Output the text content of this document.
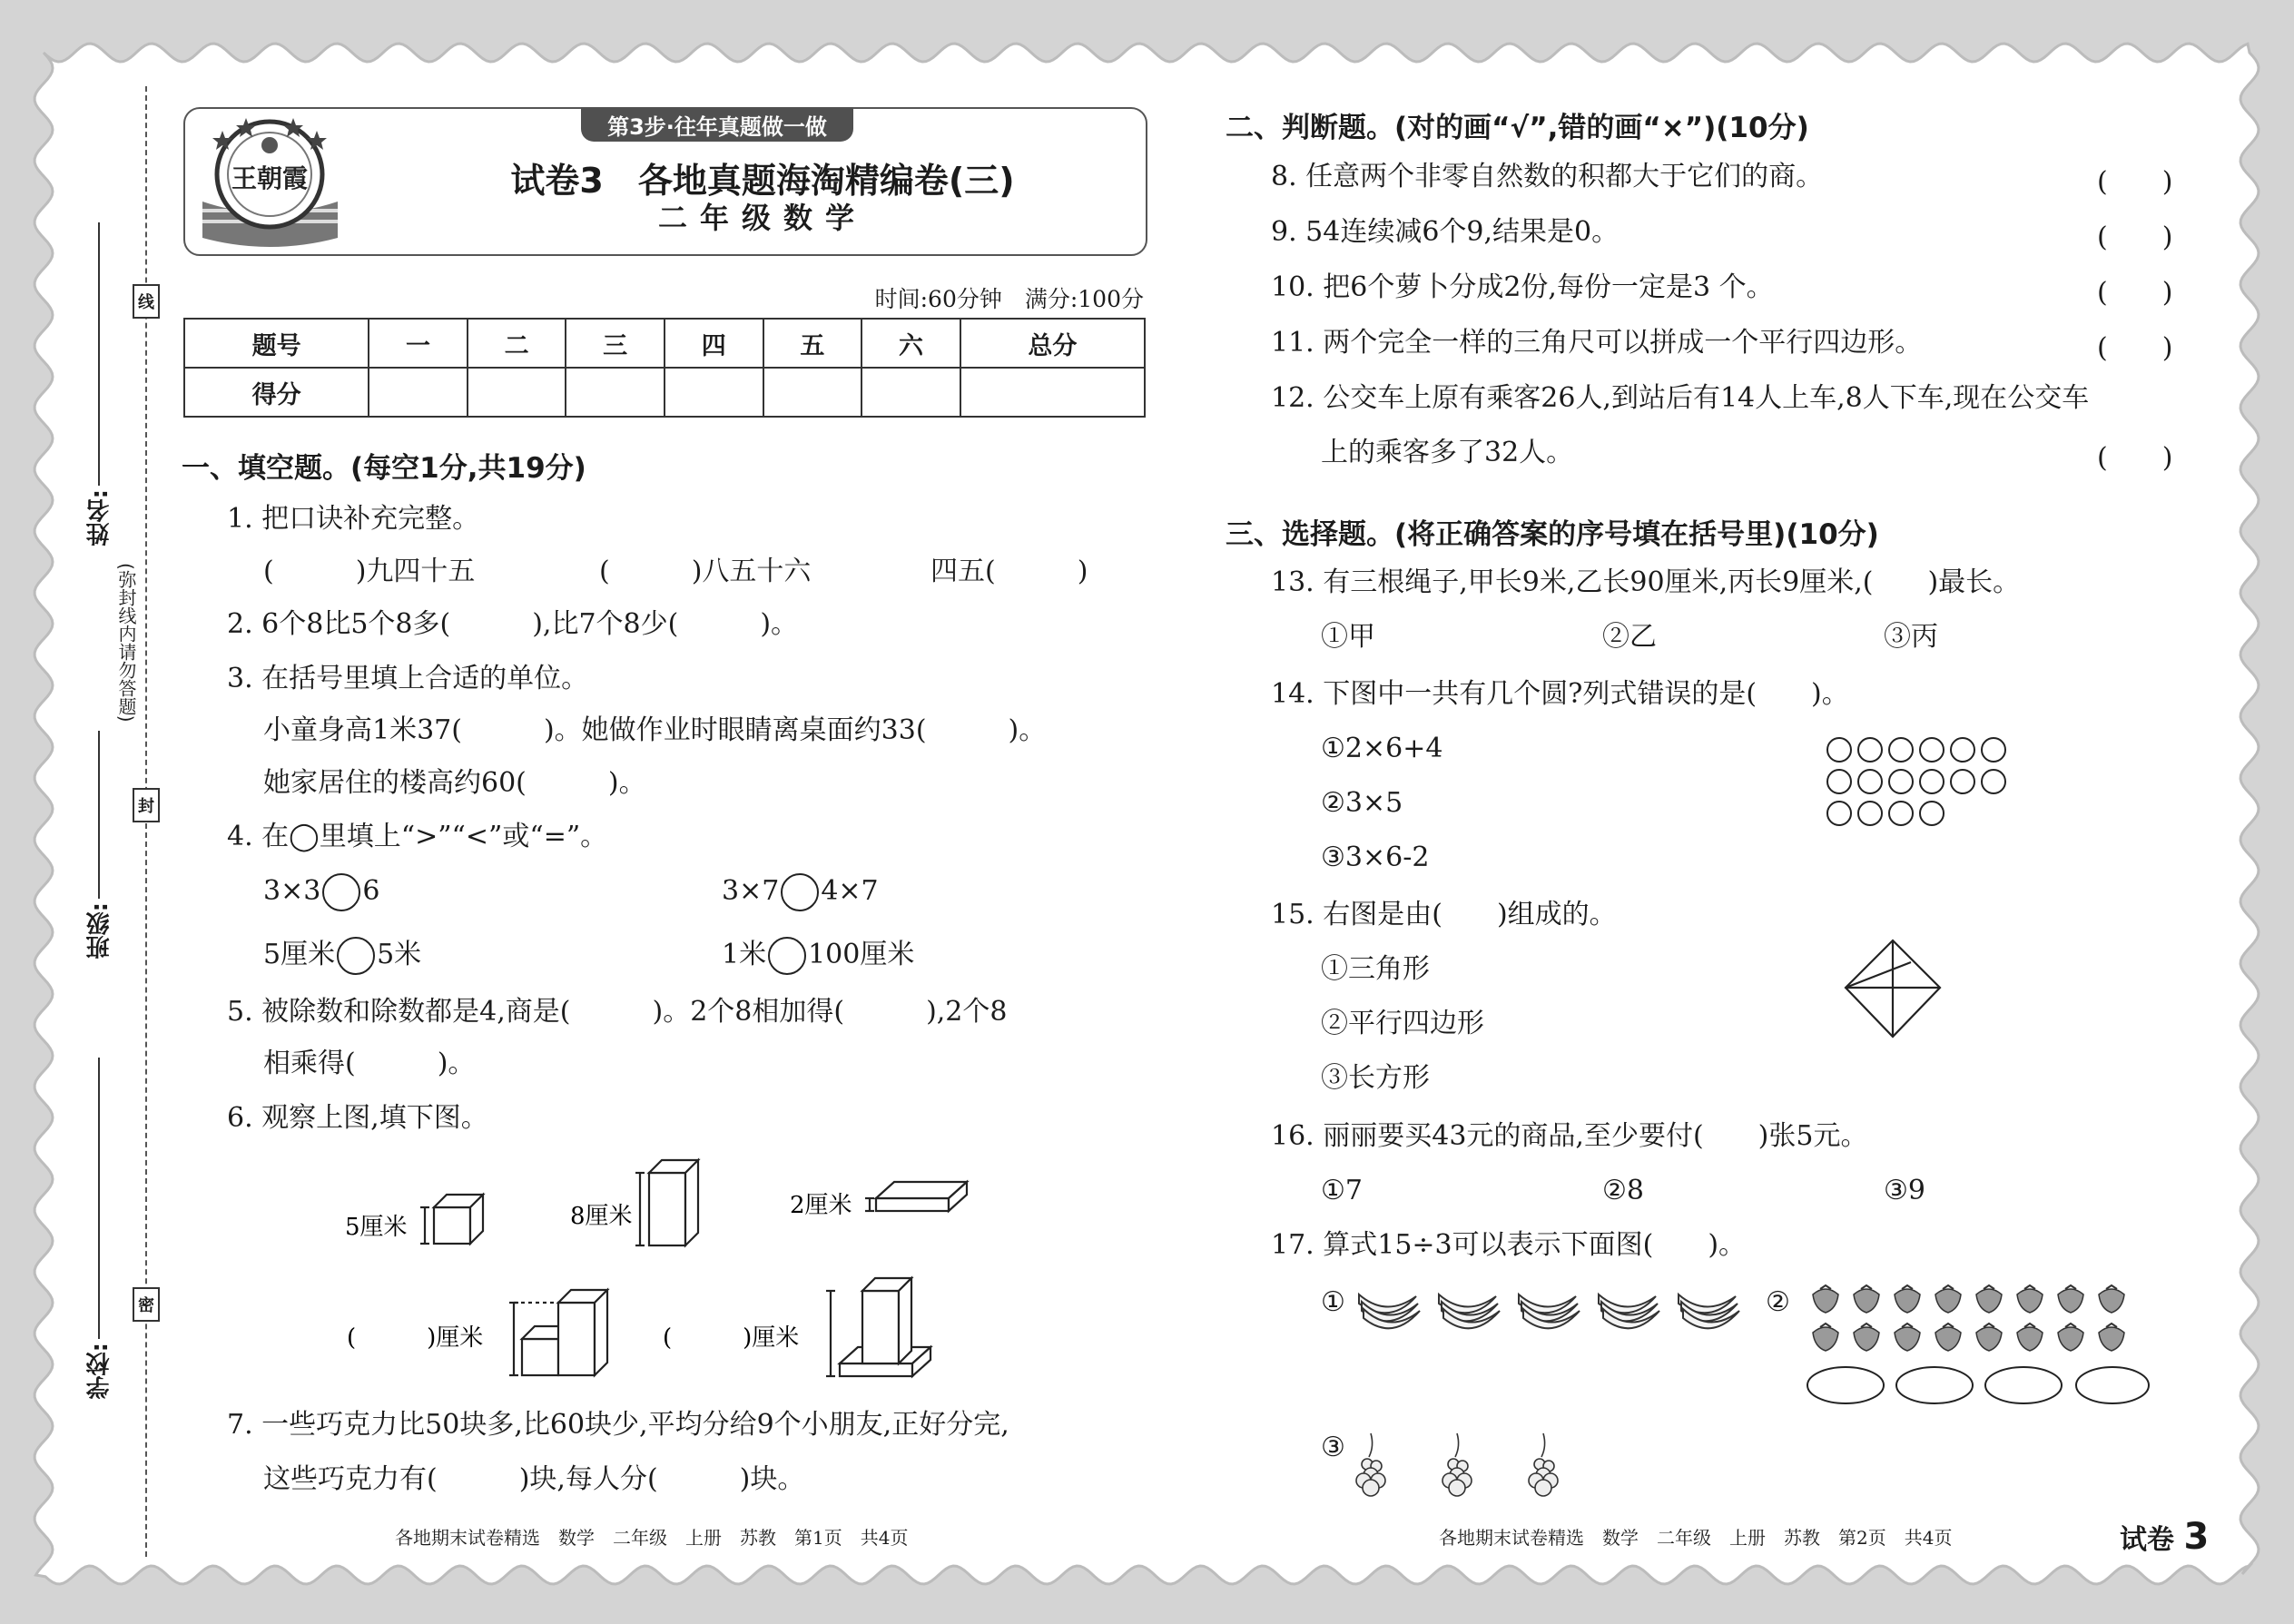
线
封
密
姓名:
班级:
学校:
(弥封线内请勿答题)
第3步·往年真题做一做
王朝霞	试卷3　各地真题海淘精编卷(三)
二年级数学
时间:60分钟　满分:100分
题号	一	二	三	四	五	六	总分
得分							
一、填空题。(每空1分,共19分)
1. 把口诀补充完整。
(　　　)九四十五	(　　　)八五十六	四五(　　　)
2. 6个8比5个8多(　　　),比7个8少(　　　)。
3. 在括号里填上合适的单位。
小童身高1米37(　　　)。她做作业时眼睛离桌面约33(　　　)。
她家居住的楼高约60(　　　)。
4. 在◯里填上“>”“<”或“=”。
3×3 6	3×7 4×7
5厘米 5米	1米 100厘米
5. 被除数和除数都是4,商是(　　　)。2个8相加得(　　　),2个8
相乘得(　　　)。
6. 观察上图,填下图。
5厘米	8厘米	2厘米
(　　　)厘米	(　　　)厘米
7. 一些巧克力比50块多,比60块少,平均分给9个小朋友,正好分完,
这些巧克力有(　　　)块,每人分(　　　)块。
各地期末试卷精选　数学　二年级　上册　苏教　第1页　共4页
二、判断题。(对的画“√”,错的画“×”)(10分)
8. 任意两个非零自然数的积都大于它们的商。	(　　)
9. 54连续减6个9,结果是0。	(　　)
10. 把6个萝卜分成2份,每份一定是3 个。	(　　)
11. 两个完全一样的三角尺可以拼成一个平行四边形。	(　　)
12. 公交车上原有乘客26人,到站后有14人上车,8人下车,现在公交车
上的乘客多了32人。	(　　)
三、选择题。(将正确答案的序号填在括号里)(10分)
13. 有三根绳子,甲长9米,乙长90厘米,丙长9厘米,(　　)最长。
①甲	②乙	③丙
14. 下图中一共有几个圆?列式错误的是(　　)。
①2×6+4
②3×5
③3×6-2
15. 右图是由(　　)组成的。
①三角形
②平行四边形
③长方形
16. 丽丽要买43元的商品,至少要付(　　)张5元。
①7	②8	③9
17. 算式15÷3可以表示下面图(　　)。
①	②
③
各地期末试卷精选　数学　二年级　上册　苏教　第2页　共4页	试卷 3
